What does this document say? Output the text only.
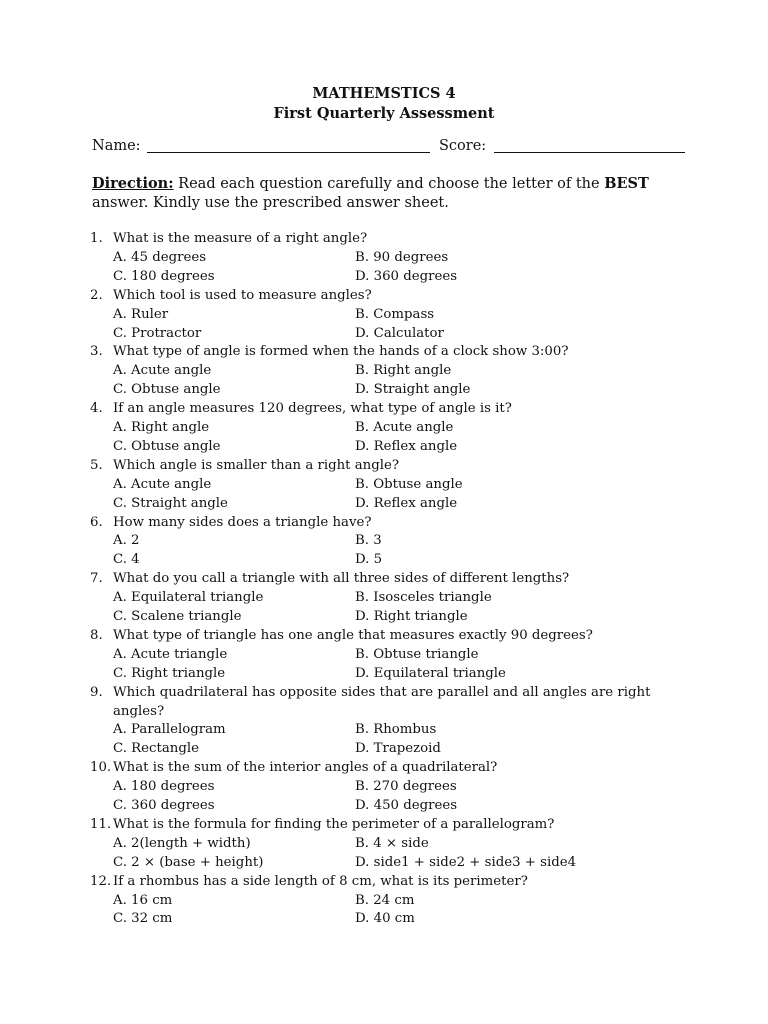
MATHEMSTICS 4
First Quarterly Assessment
Name:	Score:
Direction: Read each question carefully and choose the letter of the BEST answer. Kindly use the prescribed answer sheet.
1. What is the measure of a right angle?
A. 45 degrees	B. 90 degrees
C. 180 degrees	D. 360 degrees
2. Which tool is used to measure angles?
A. Ruler	B. Compass
C. Protractor	D. Calculator
3. What type of angle is formed when the hands of a clock show 3:00?
A. Acute angle	B. Right angle
C. Obtuse angle	D. Straight angle
4. If an angle measures 120 degrees, what type of angle is it?
A. Right angle	B. Acute angle
C. Obtuse angle	D. Reflex angle
5. Which angle is smaller than a right angle?
A. Acute angle	B. Obtuse angle
C. Straight angle	D. Reflex angle
6. How many sides does a triangle have?
A. 2	B. 3
C. 4	D. 5
7. What do you call a triangle with all three sides of different lengths?
A. Equilateral triangle	B. Isosceles triangle
C. Scalene triangle	D. Right triangle
8. What type of triangle has one angle that measures exactly 90 degrees?
A. Acute triangle	B. Obtuse triangle
C. Right triangle	D. Equilateral triangle
9. Which quadrilateral has opposite sides that are parallel and all angles are right angles?
A. Parallelogram	B. Rhombus
C. Rectangle	D. Trapezoid
10. What is the sum of the interior angles of a quadrilateral?
A. 180 degrees	B. 270 degrees
C. 360 degrees	D. 450 degrees
11. What is the formula for finding the perimeter of a parallelogram?
A. 2(length + width)	B. 4 × side
C. 2 × (base + height)	D. side1 + side2 + side3 + side4
12. If a rhombus has a side length of 8 cm, what is its perimeter?
A. 16 cm	B. 24 cm
C. 32 cm	D. 40 cm
